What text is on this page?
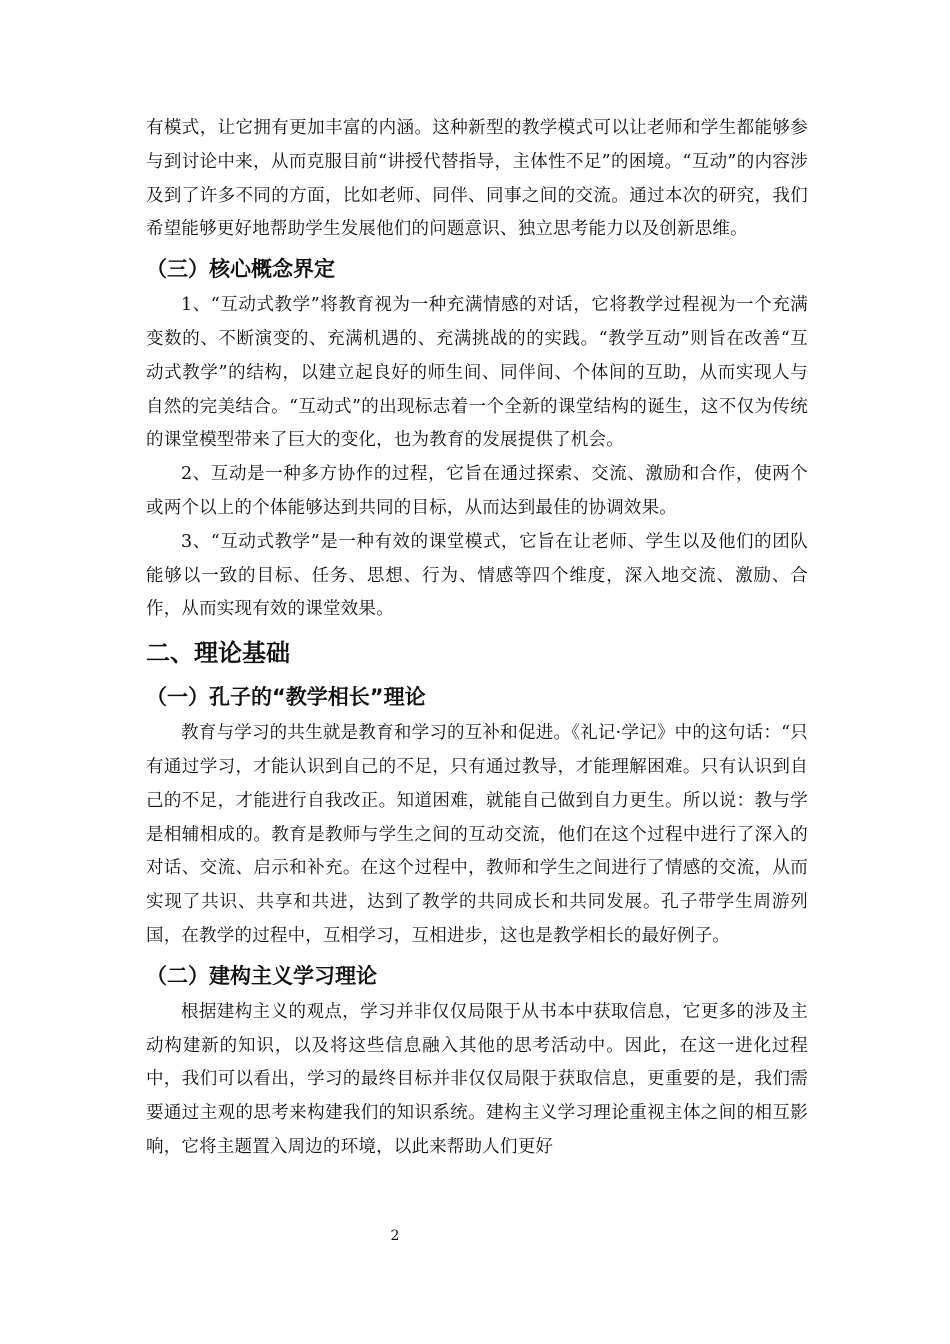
有模式，让它拥有更加丰富的内涵。这种新型的教学模式可以让老师和学生都能够参与到讨论中来，从而克服目前“讲授代替指导，主体性不足”的困境。“互动”的内容涉及到了许多不同的方面，比如老师、同伴、同事之间的交流。通过本次的研究，我们希望能够更好地帮助学生发展他们的问题意识、独立思考能力以及创新思维。

（三）核心概念界定

1、“互动式教学”将教育视为一种充满情感的对话，它将教学过程视为一个充满变数的、不断演变的、充满机遇的、充满挑战的的实践。“教学互动”则旨在改善“互动式教学”的结构，以建立起良好的师生间、同伴间、个体间的互助，从而实现人与自然的完美结合。“互动式”的出现标志着一个全新的课堂结构的诞生，这不仅为传统的课堂模型带来了巨大的变化，也为教育的发展提供了机会。

2、互动是一种多方协作的过程，它旨在通过探索、交流、激励和合作，使两个或两个以上的个体能够达到共同的目标，从而达到最佳的协调效果。

3、“互动式教学”是一种有效的课堂模式，它旨在让老师、学生以及他们的团队能够以一致的目标、任务、思想、行为、情感等四个维度，深入地交流、激励、合作，从而实现有效的课堂效果。

二、理论基础
（一）孔子的“教学相长”理论

教育与学习的共生就是教育和学习的互补和促进。《礼记·学记》中的这句话：“只有通过学习，才能认识到自己的不足，只有通过教导，才能理解困难。只有认识到自己的不足，才能进行自我改正。知道困难，就能自己做到自力更生。所以说：教与学是相辅相成的。教育是教师与学生之间的互动交流，他们在这个过程中进行了深入的对话、交流、启示和补充。在这个过程中，教师和学生之间进行了情感的交流，从而实现了共识、共享和共进，达到了教学的共同成长和共同发展。孔子带学生周游列国，在教学的过程中，互相学习，互相进步，这也是教学相长的最好例子。

（二）建构主义学习理论

根据建构主义的观点，学习并非仅仅局限于从书本中获取信息，它更多的涉及主动构建新的知识，以及将这些信息融入其他的思考活动中。因此，在这一进化过程中，我们可以看出，学习的最终目标并非仅仅局限于获取信息，更重要的是，我们需要通过主观的思考来构建我们的知识系统。建构主义学习理论重视主体之间的相互影响，它将主题置入周边的环境，以此来帮助人们更好

2
